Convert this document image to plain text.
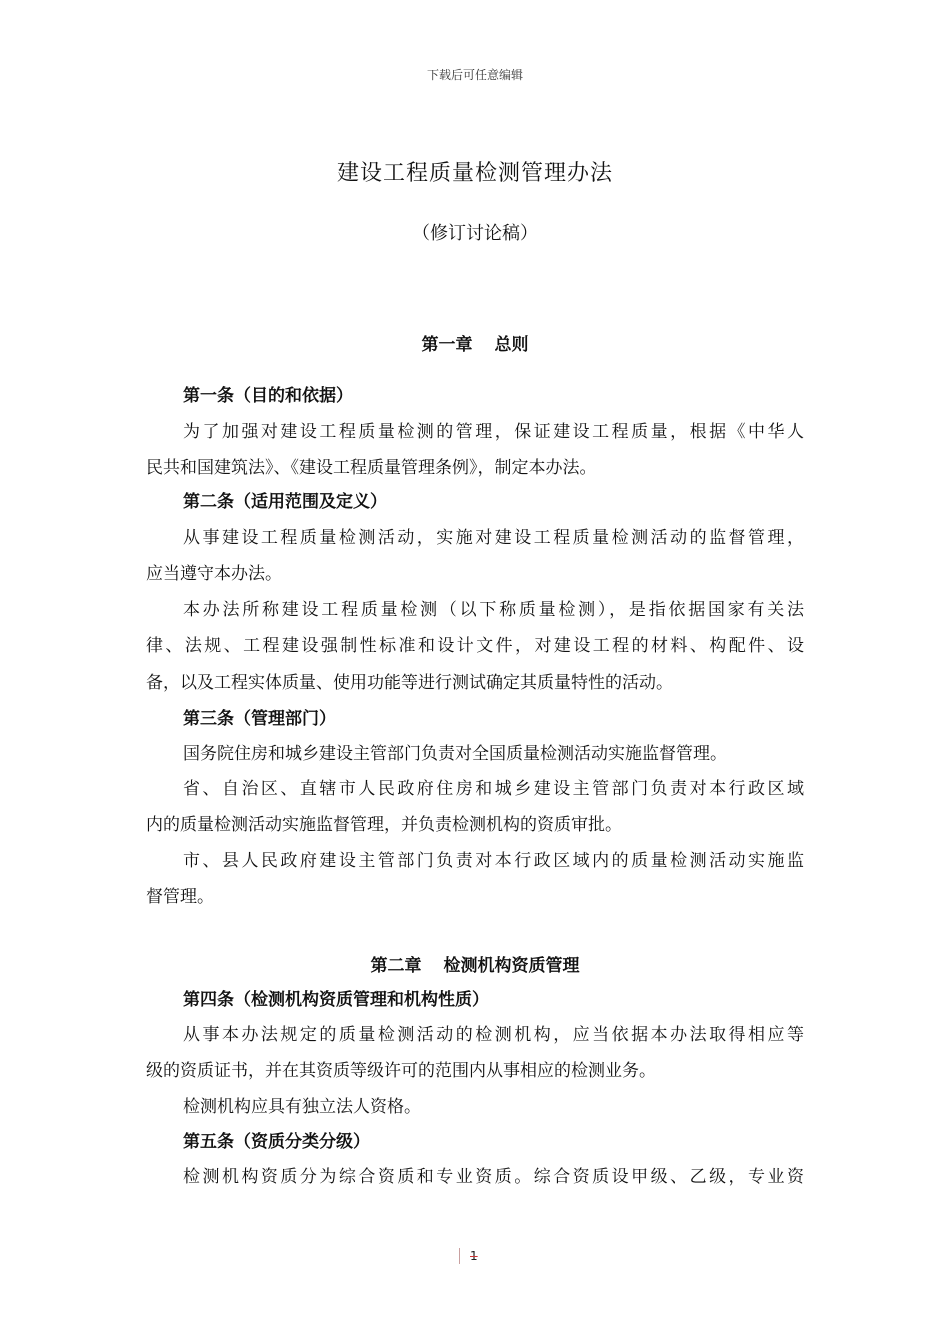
下载后可任意编辑
建设工程质量检测管理办法
（修订讨论稿）
第一章 总则
第一条（目的和依据）
为了加强对建设工程质量检测的管理，保证建设工程质量，根据《中华人
民共和国建筑法》、《建设工程质量管理条例》，制定本办法。
第二条（适用范围及定义）
从事建设工程质量检测活动，实施对建设工程质量检测活动的监督管理，
应当遵守本办法。
本办法所称建设工程质量检测（以下称质量检测），是指依据国家有关法
律、法规、工程建设强制性标准和设计文件，对建设工程的材料、构配件、设
备，以及工程实体质量、使用功能等进行测试确定其质量特性的活动。
第三条（管理部门）
国务院住房和城乡建设主管部门负责对全国质量检测活动实施监督管理。
省、自治区、直辖市人民政府住房和城乡建设主管部门负责对本行政区域
内的质量检测活动实施监督管理，并负责检测机构的资质审批。
市、县人民政府建设主管部门负责对本行政区域内的质量检测活动实施监
督管理。
第二章 检测机构资质管理
第四条（检测机构资质管理和机构性质）
从事本办法规定的质量检测活动的检测机构，应当依据本办法取得相应等
级的资质证书，并在其资质等级许可的范围内从事相应的检测业务。
检测机构应具有独立法人资格。
第五条（资质分类分级）
检测机构资质分为综合资质和专业资质。综合资质设甲级、乙级，专业资
1
